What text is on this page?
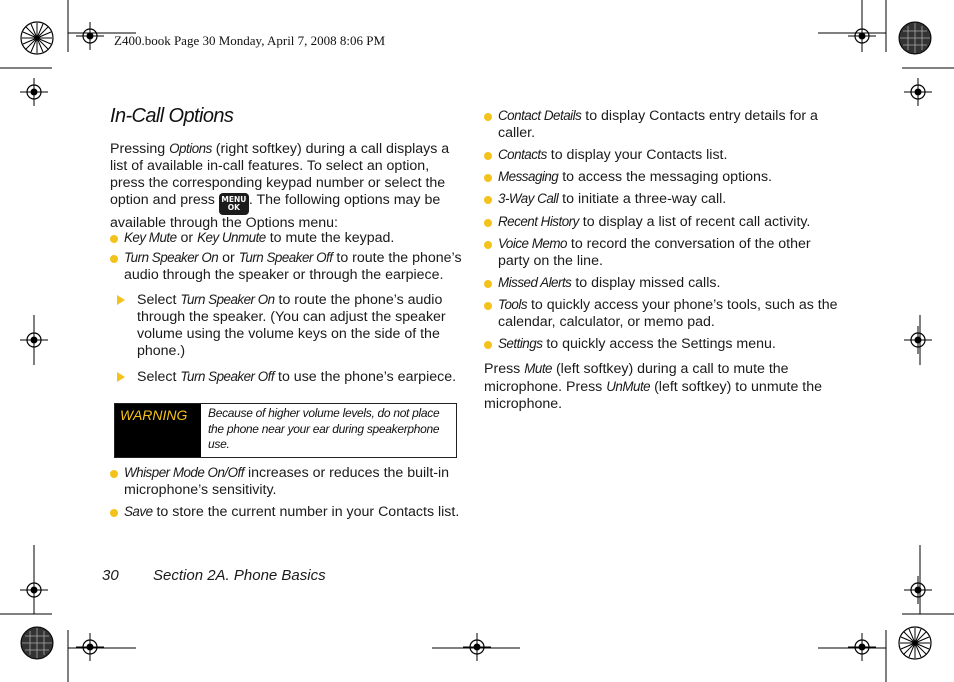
Z400.book Page 30 Monday, April 7, 2008 8:06 PM
In-Call Options

Pressing Options (right softkey) during a call displays a list of available in-call features. To select an option, press the corresponding keypad number or select the option and press MENU
OK . The following options may be available through the Options menu:

Key Mute or Key Unmute to mute the keypad.
Turn Speaker On or Turn Speaker Off to route the phone’s audio through the speaker or through the earpiece.
Select Turn Speaker On to route the phone’s audio through the speaker. (You can adjust the speaker volume using the volume keys on the side of the phone.)
Select Turn Speaker Off to use the phone’s earpiece.
WARNING	Because of higher volume levels, do not place the phone near your ear during speakerphone use.
Whisper Mode On/Off increases or reduces the built-in microphone’s sensitivity.
Save to store the current number in your Contacts list.
Contact Details to display Contacts entry details for a caller.
Contacts to display your Contacts list.
Messaging to access the messaging options.
3-Way Call to initiate a three-way call.
Recent History to display a list of recent call activity.
Voice Memo to record the conversation of the other party on the line.
Missed Alerts to display missed calls.
Tools to quickly access your phone’s tools, such as the calendar, calculator, or memo pad.
Settings to quickly access the Settings menu.

Press Mute (left softkey) during a call to mute the microphone. Press UnMute (left softkey) to unmute the microphone.

30 Section 2A. Phone Basics
